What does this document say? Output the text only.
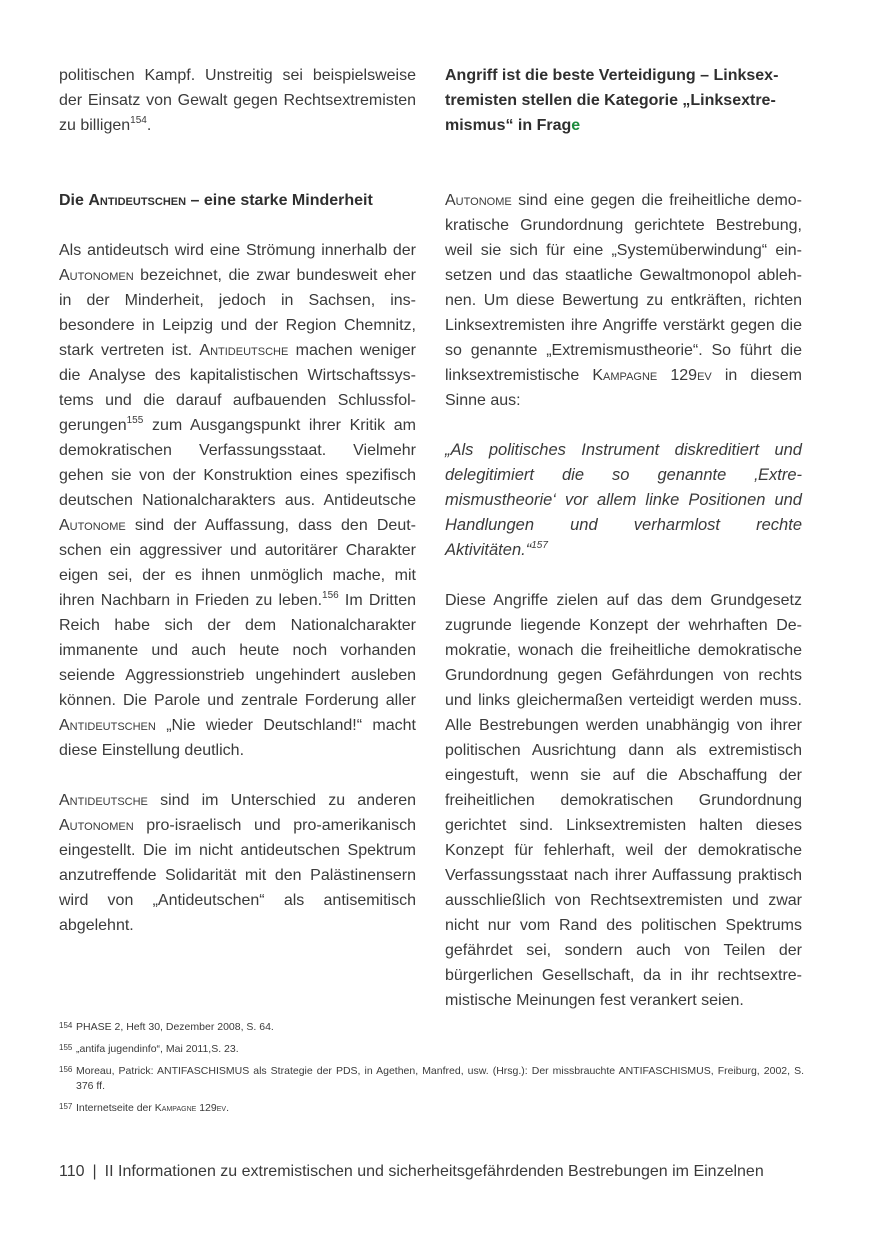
politischen Kampf. Unstreitig sei beispielsweise der Einsatz von Gewalt gegen Rechtsextremisten zu billigen$^{154}$.

Die Antideutschen – eine starke Minderheit

Als antideutsch wird eine Strömung innerhalb der Autonomen bezeichnet, die zwar bundesweit eher in der Minderheit, jedoch in Sachsen, insbesondere in Leipzig und der Region Chemnitz, stark vertreten ist. Antideutsche machen weniger die Analyse des kapitalistischen Wirtschaftssystems und die darauf aufbauenden Schlussfolgerungen$^{155}$ zum Ausgangspunkt ihrer Kritik am demokratischen Verfassungsstaat. Vielmehr gehen sie von der Konstruktion eines spezifisch deutschen Nationalcharakters aus. Antideutsche Autonome sind der Auffassung, dass den Deutschen ein aggressiver und autoritärer Charakter eigen sei, der es ihnen unmöglich mache, mit ihren Nachbarn in Frieden zu leben.$^{156}$ Im Dritten Reich habe sich der dem Nationalcharakter immanente und auch heute noch vorhanden seiende Aggressionstrieb ungehindert ausleben können. Die Parole und zentrale Forderung aller Antideutschen „Nie wieder Deutschland!“ macht diese Einstellung deutlich.

Antideutsche sind im Unterschied zu anderen Autonomen pro-israelisch und pro-amerikanisch eingestellt. Die im nicht antideutschen Spektrum anzutreffende Solidarität mit den Palästinensern wird von „Antideutschen“ als antisemitisch abgelehnt.

Angriff ist die beste Verteidigung – Linksextremisten stellen die Kategorie „Linksextremismus“ in Frage

Autonome sind eine gegen die freiheitliche demokratische Grundordnung gerichtete Bestrebung, weil sie sich für eine „Systemüberwindung“ einsetzen und das staatliche Gewaltmonopol ablehnen. Um diese Bewertung zu entkräften, richten Linksextremisten ihre Angriffe verstärkt gegen die so genannte „Extremismustheorie“. So führt die linksextremistische Kampagne 129ev in diesem Sinne aus:

„Als politisches Instrument diskreditiert und delegitimiert die so genannte ‚Extremismustheorie‘ vor allem linke Positionen und Handlungen und verharmlost rechte Aktivitäten.“$^{157}$

Diese Angriffe zielen auf das dem Grundgesetz zugrunde liegende Konzept der wehrhaften Demokratie, wonach die freiheitliche demokratische Grundordnung gegen Gefährdungen von rechts und links gleichermaßen verteidigt werden muss. Alle Bestrebungen werden unabhängig von ihrer politischen Ausrichtung dann als extremistisch eingestuft, wenn sie auf die Abschaffung der freiheitlichen demokratischen Grundordnung gerichtet sind. Linksextremisten halten dieses Konzept für fehlerhaft, weil der demokratische Verfassungsstaat nach ihrer Auffassung praktisch ausschließlich von Rechtsextremisten und zwar nicht nur vom Rand des politischen Spektrums gefährdet sei, sondern auch von Teilen der bürgerlichen Gesellschaft, da in ihr rechtsextremistische Meinungen fest verankert seien.

154 PHASE 2, Heft 30, Dezember 2008, S. 64.
155 „antifa jugendinfo“, Mai 2011,S. 23.
156 Moreau, Patrick: ANTIFASCHISMUS als Strategie der PDS, in Agethen, Manfred, usw. (Hrsg.): Der missbrauchte ANTIFASCHISMUS, Freiburg, 2002, S. 376 ff.
157 Internetseite der Kampagne 129ev.
110 | II Informationen zu extremistischen und sicherheitsgefährdenden Bestrebungen im Einzelnen
